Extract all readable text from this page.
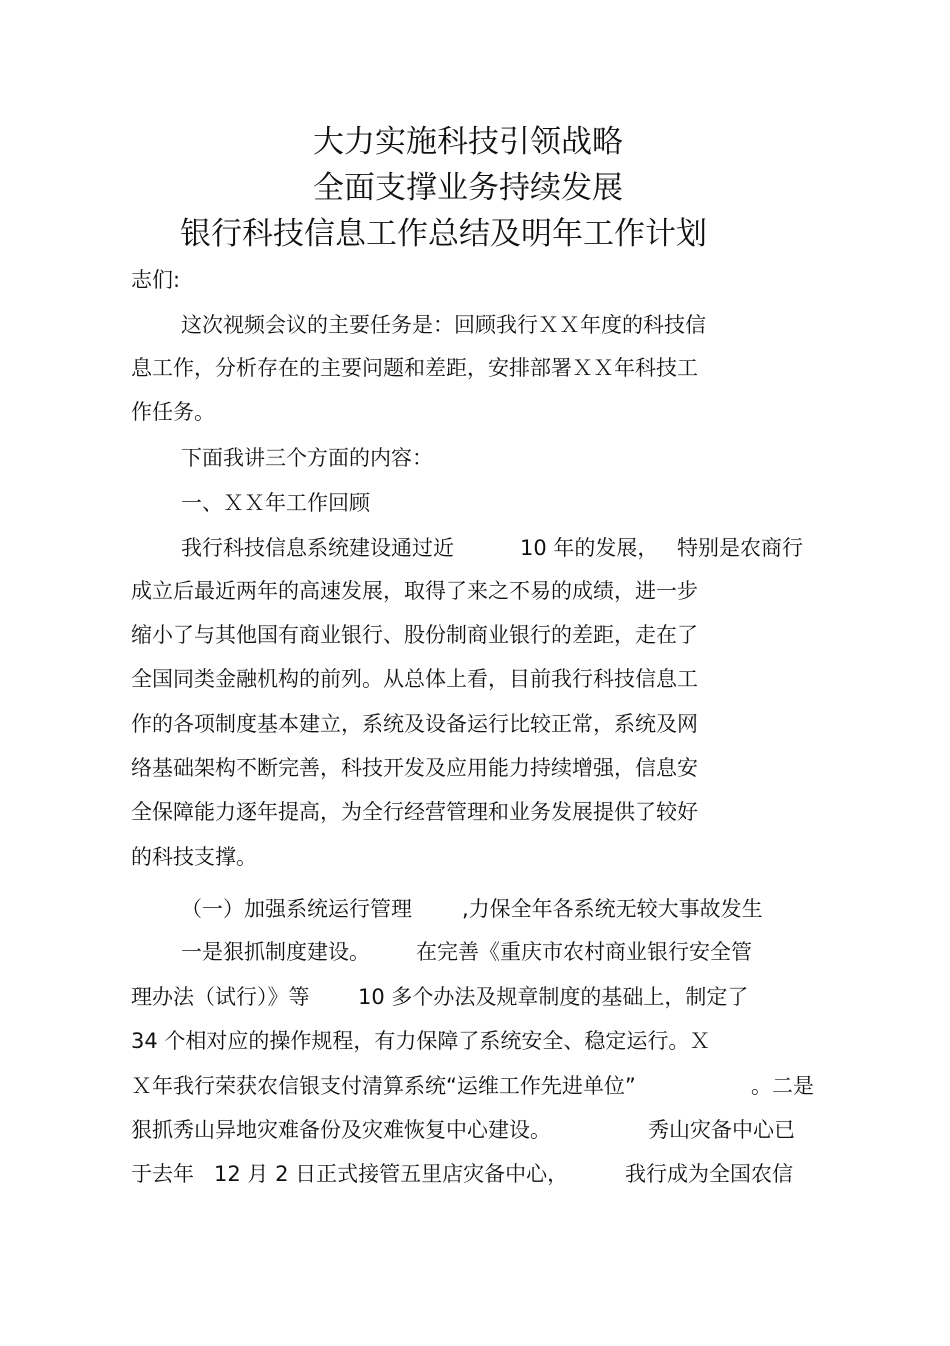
大力实施科技引领战略
全面支撑业务持续发展
银行科技信息工作总结及明年工作计划
志们:
这次视频会议的主要任务是：回顾我行ＸＸ年度的科技信
息工作，分析存在的主要问题和差距，安排部署ＸＸ年科技工
作任务。
下面我讲三个方面的内容：
一、ＸＸ年工作回顾
我行科技信息系统建设通过近	10 年的发展， 特别是农商行
成立后最近两年的高速发展，取得了来之不易的成绩，进一步
缩小了与其他国有商业银行、股份制商业银行的差距，走在了
全国同类金融机构的前列。从总体上看，目前我行科技信息工
作的各项制度基本建立，系统及设备运行比较正常，系统及网
络基础架构不断完善，科技开发及应用能力持续增强，信息安
全保障能力逐年提高，为全行经营管理和业务发展提供了较好
的科技支撑。
（一）加强系统运行管理 ,力保全年各系统无较大事故发生
一是狠抓制度建设。 在完善《重庆市农村商业银行安全管
理办法（试行）》等 10 多个办法及规章制度的基础上，制定了
34 个相对应的操作规程，有力保障了系统安全、稳定运行。Ｘ
Ｘ年我行荣获农信银支付清算系统“运维工作先进单位”	。二是
狠抓秀山异地灾难备份及灾难恢复中心建设。	秀山灾备中心已
于去年 12 月 2 日正式接管五里店灾备中心，	我行成为全国农信
